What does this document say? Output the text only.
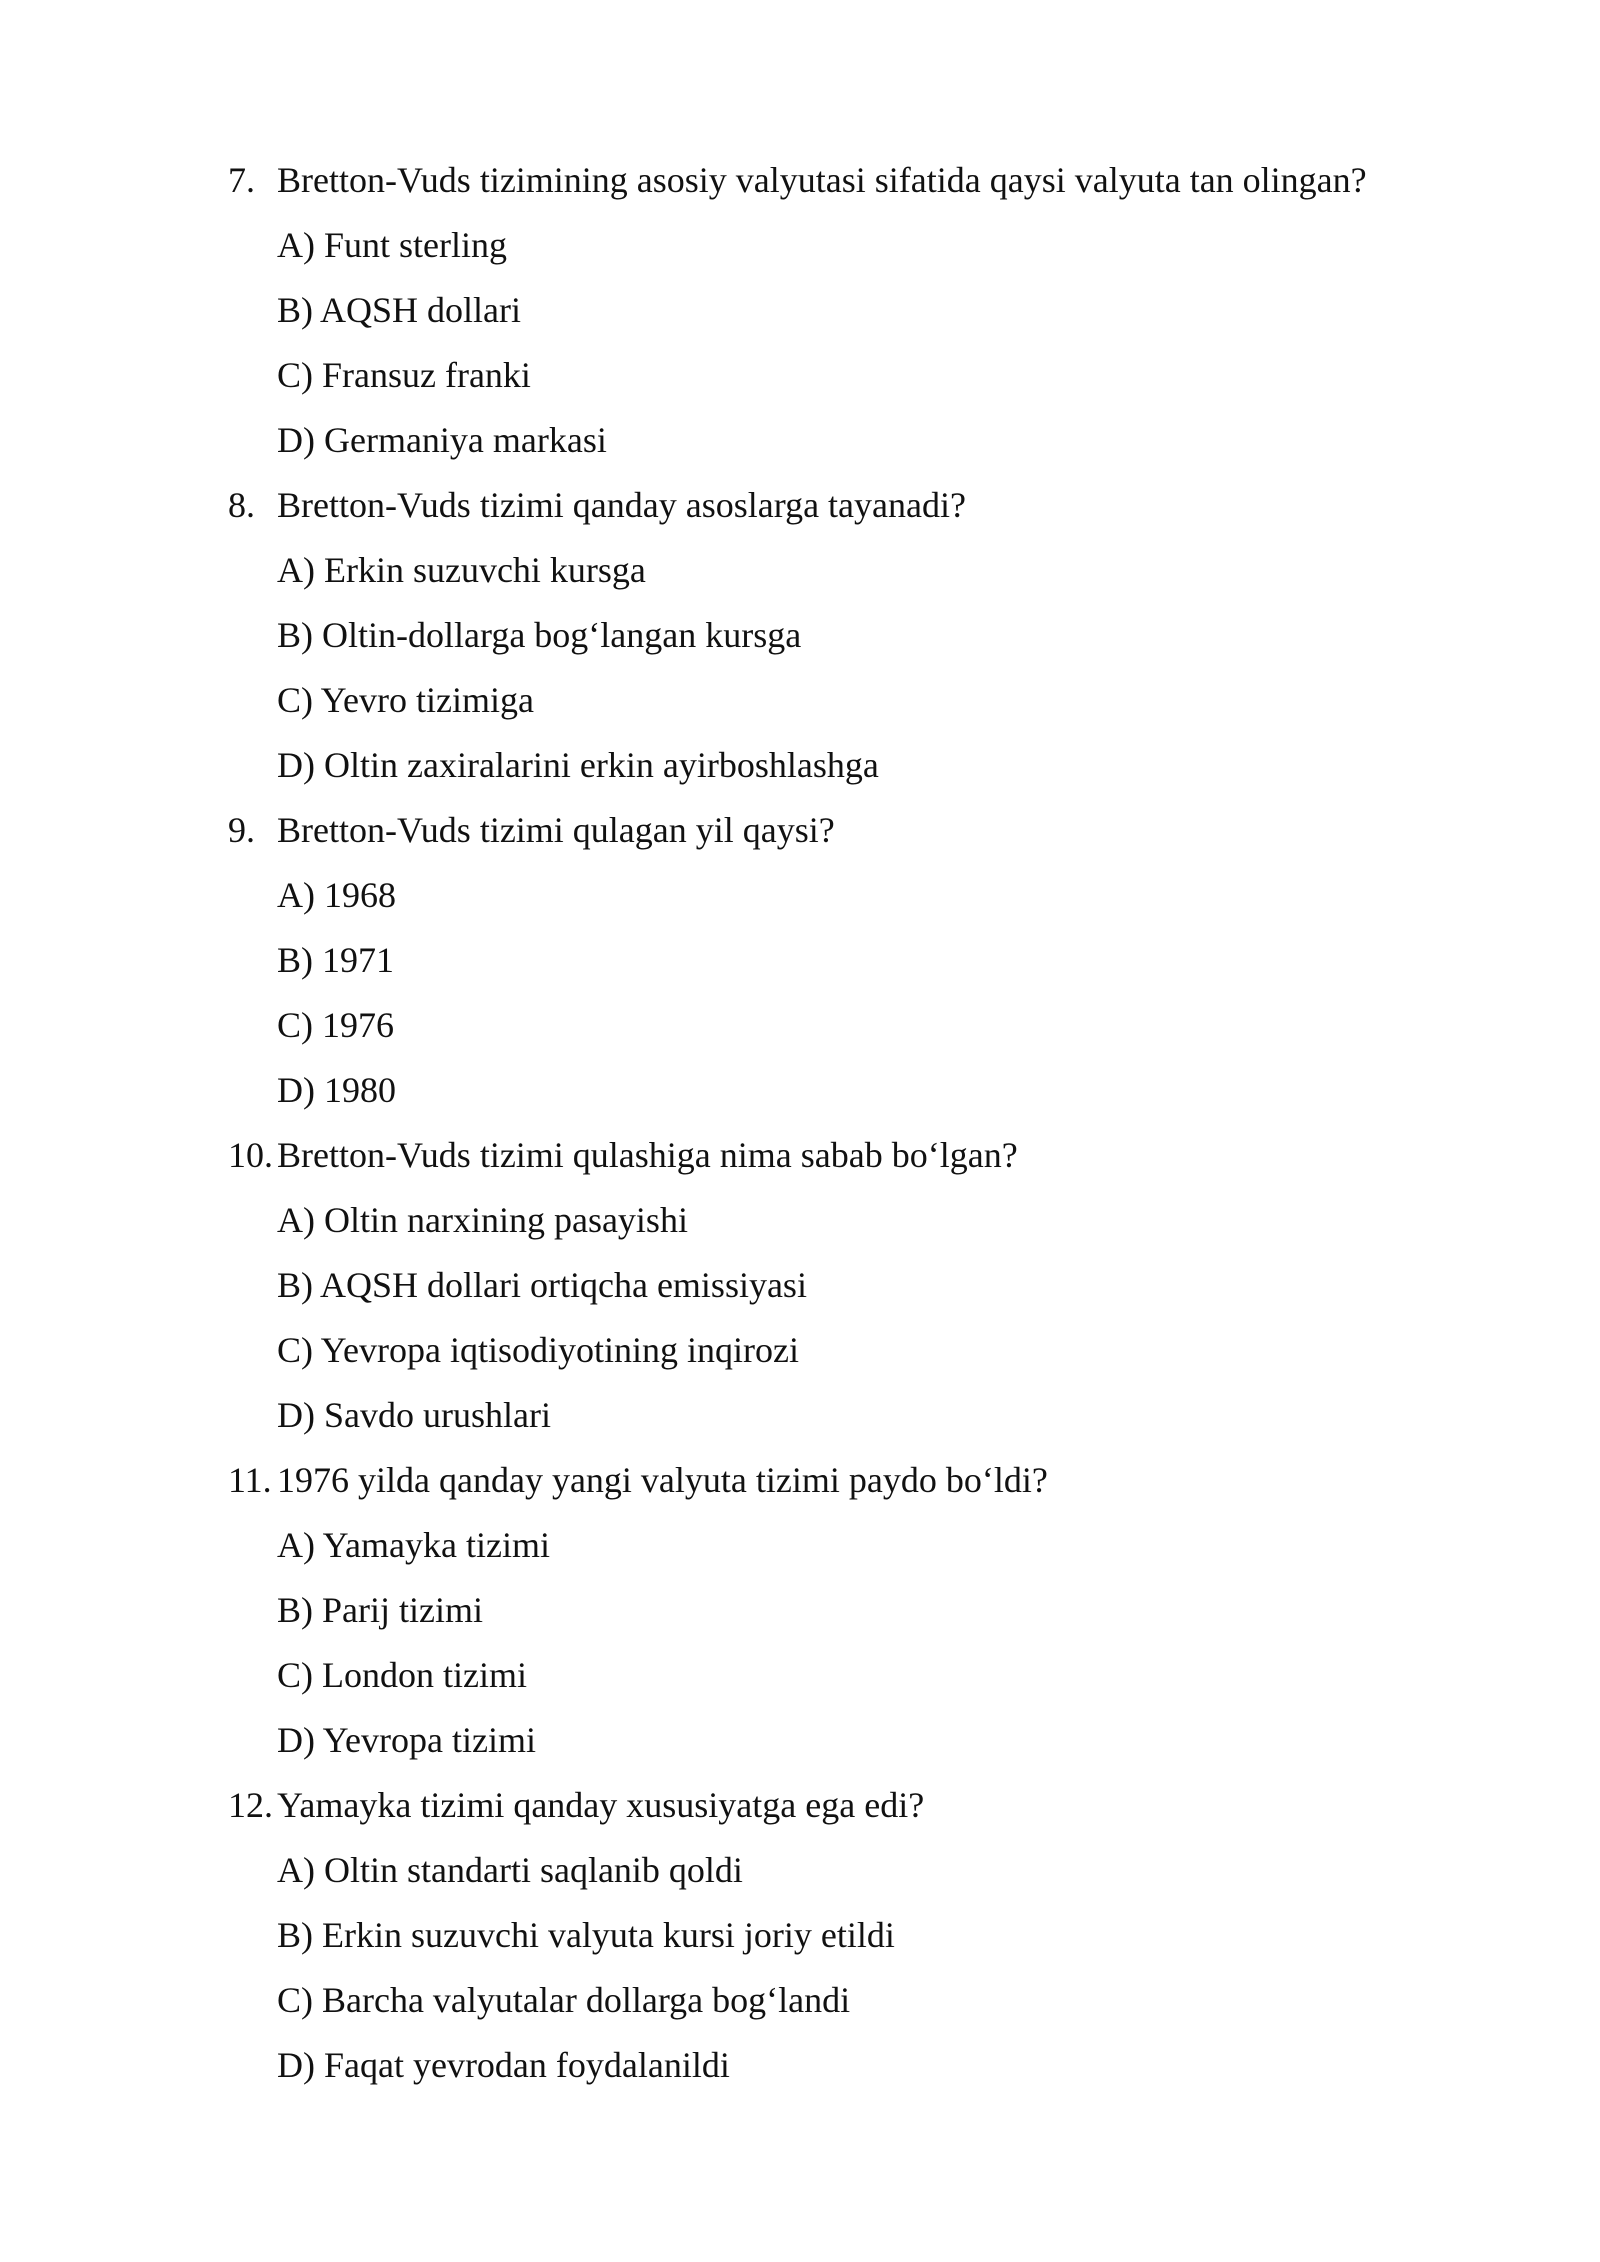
7. Bretton-Vuds tizimining asosiy valyutasi sifatida qaysi valyuta tan olingan?
A) Funt sterling
B) AQSH dollari
C) Fransuz franki
D) Germaniya markasi
8. Bretton-Vuds tizimi qanday asoslarga tayanadi?
A) Erkin suzuvchi kursga
B) Oltin-dollarga bog‘langan kursga
C) Yevro tizimiga
D) Oltin zaxiralarini erkin ayirboshlashga
9. Bretton-Vuds tizimi qulagan yil qaysi?
A) 1968
B) 1971
C) 1976
D) 1980
10. Bretton-Vuds tizimi qulashiga nima sabab bo‘lgan?
A) Oltin narxining pasayishi
B) AQSH dollari ortiqcha emissiyasi
C) Yevropa iqtisodiyotining inqirozi
D) Savdo urushlari
11. 1976 yilda qanday yangi valyuta tizimi paydo bo‘ldi?
A) Yamayka tizimi
B) Parij tizimi
C) London tizimi
D) Yevropa tizimi
12. Yamayka tizimi qanday xususiyatga ega edi?
A) Oltin standarti saqlanib qoldi
B) Erkin suzuvchi valyuta kursi joriy etildi
C) Barcha valyutalar dollarga bog‘landi
D) Faqat yevrodan foydalanildi
